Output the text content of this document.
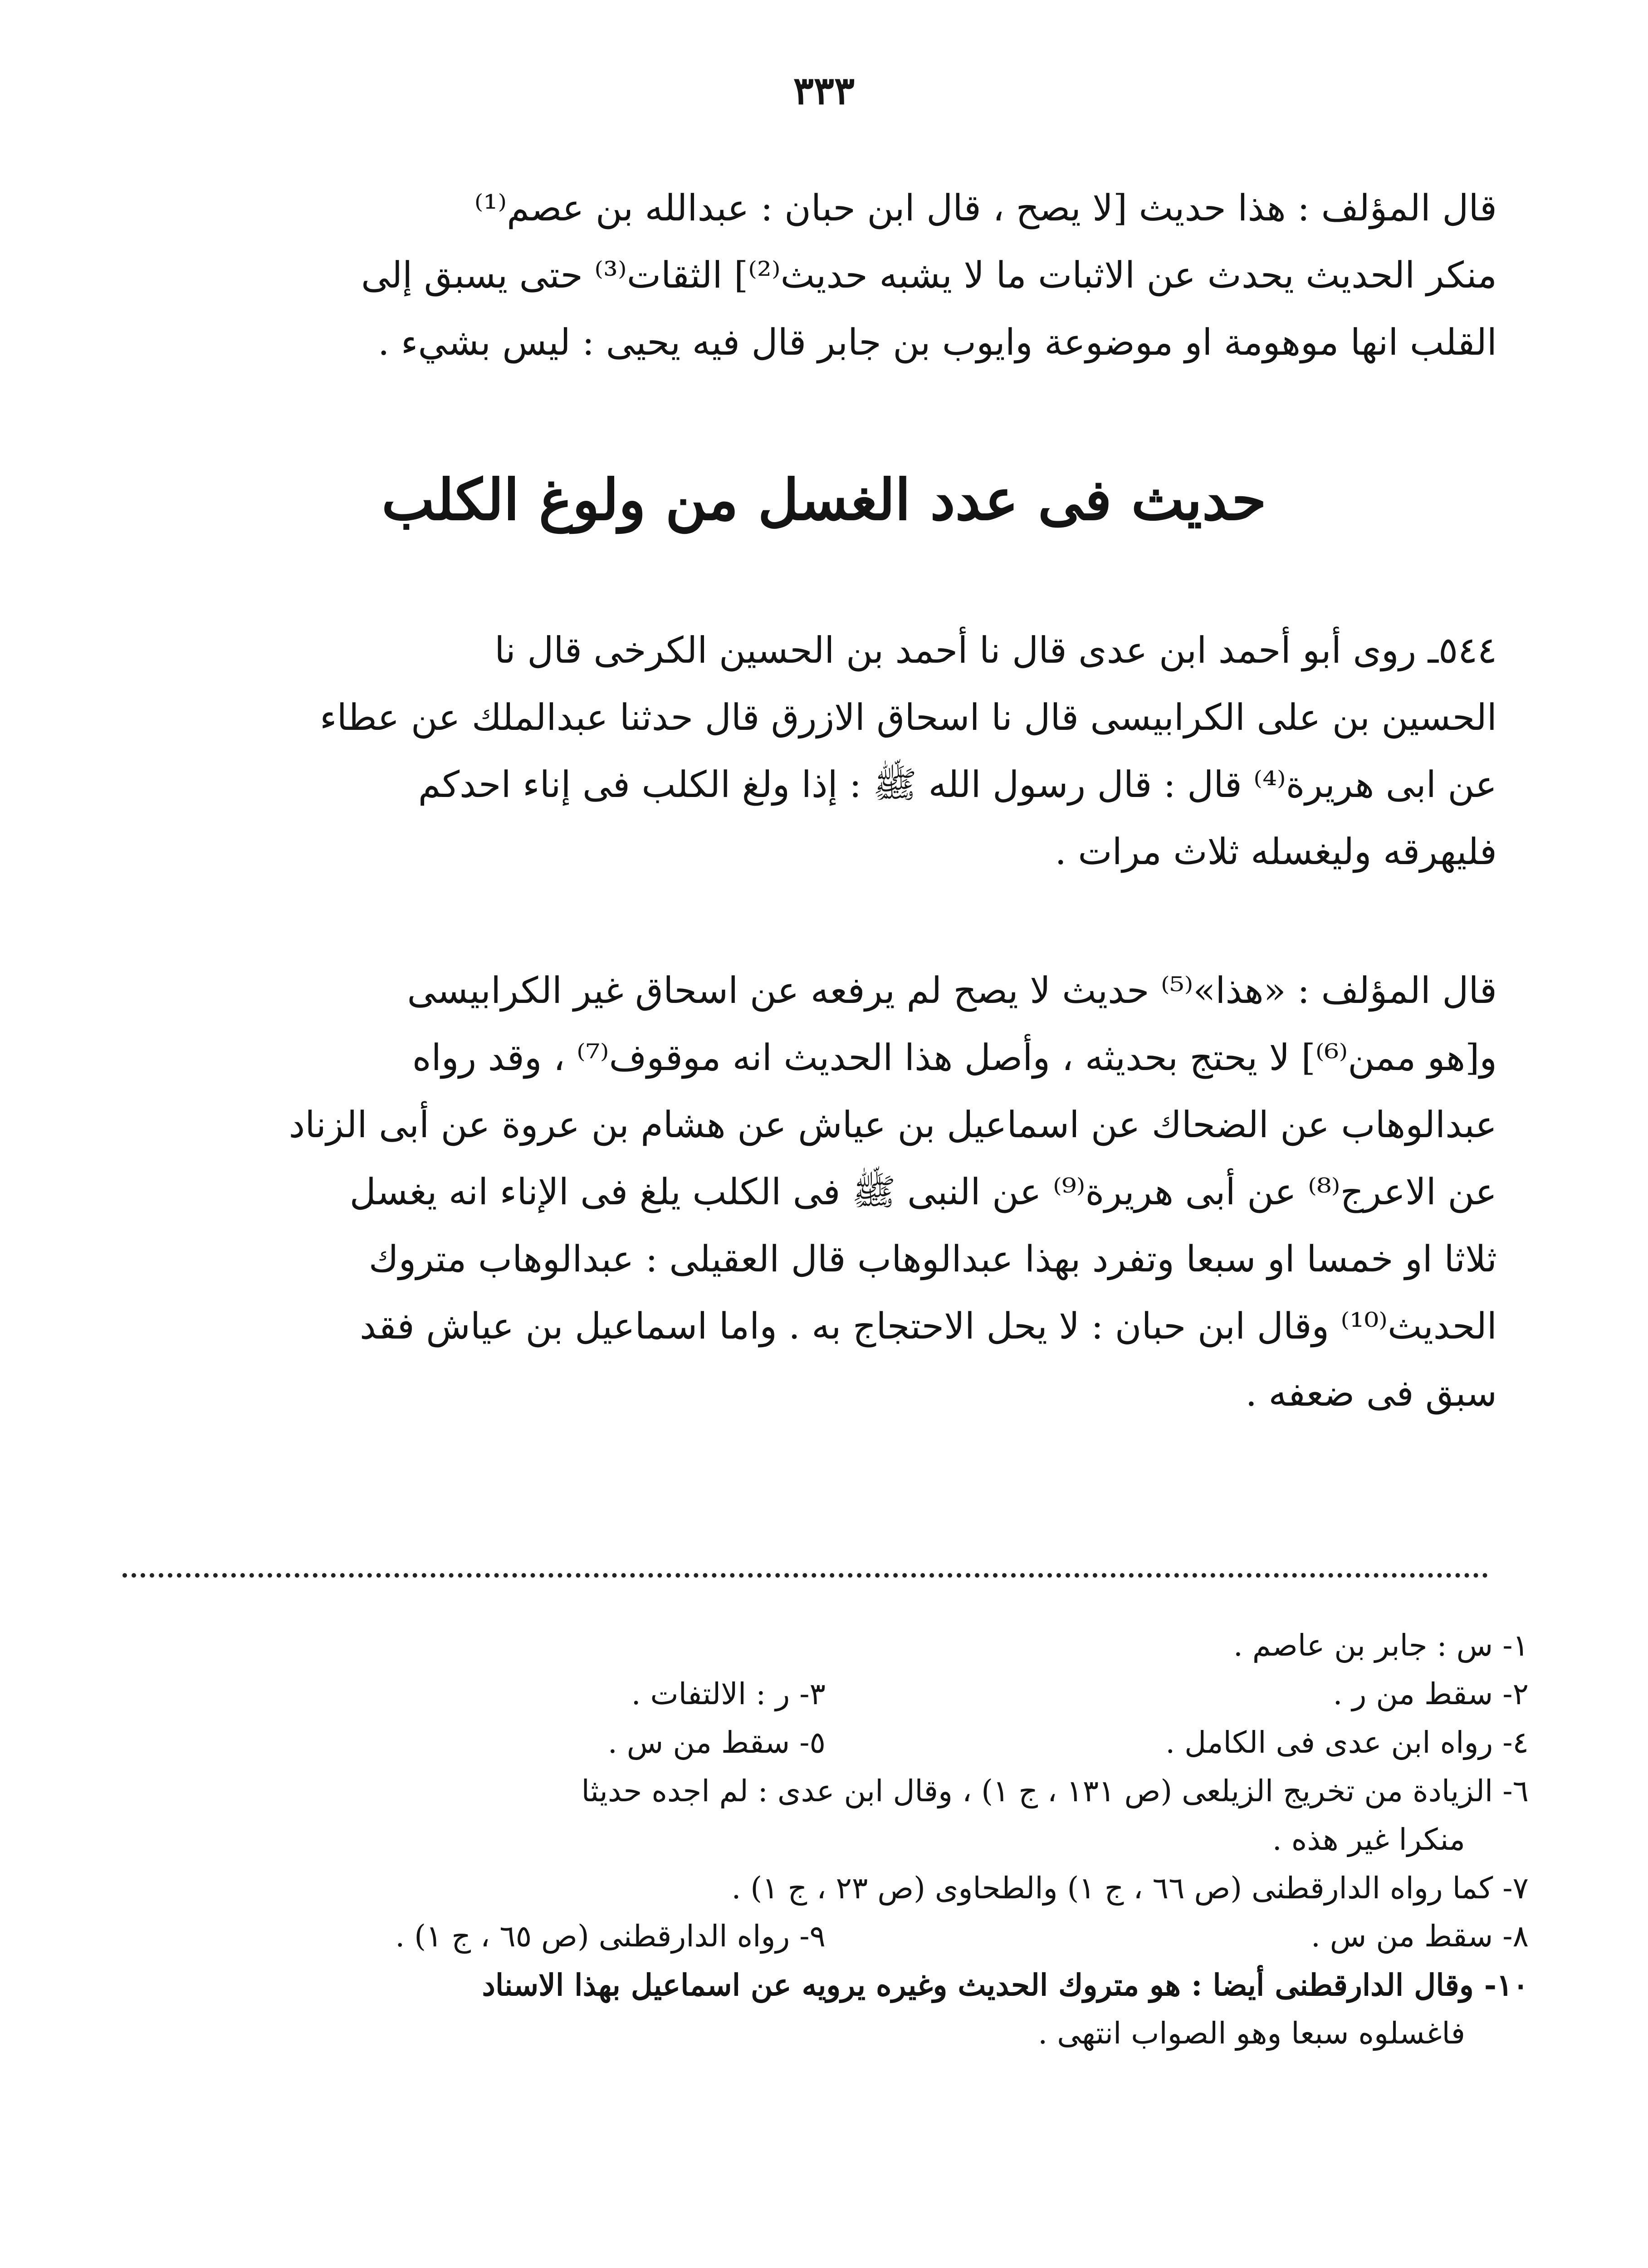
٣٣٣
قال المؤلف : هذا حديث [لا يصح ، قال ابن حبان : عبدالله بن عصم⁽¹⁾
منكر الحديث يحدث عن الاثبات ما لا يشبه حديث⁽²⁾] الثقات⁽³⁾ حتى يسبق إلى
القلب انها موهومة او موضوعة وايوب بن جابر قال فيه يحيى : ليس بشيء .
حديث فى عدد الغسل من ولوغ الكلب
٥٤٤ـ روى أبو أحمد ابن عدى قال نا أحمد بن الحسين الكرخى قال نا
الحسين بن على الكرابيسى قال نا اسحاق الازرق قال حدثنا عبدالملك عن عطاء
عن ابى هريرة⁽⁴⁾ قال : قال رسول الله ﷺ : إذا ولغ الكلب فى إناء احدكم
فليهرقه وليغسله ثلاث مرات .
قال المؤلف : «هذا»⁽⁵⁾ حديث لا يصح لم يرفعه عن اسحاق غير الكرابيسى
و[هو ممن⁽⁶⁾] لا يحتج بحديثه ، وأصل هذا الحديث انه موقوف⁽⁷⁾ ، وقد رواه
عبدالوهاب عن الضحاك عن اسماعيل بن عياش عن هشام بن عروة عن أبى الزناد
عن الاعرج⁽⁸⁾ عن أبى هريرة⁽⁹⁾ عن النبى ﷺ فى الكلب يلغ فى الإناء انه يغسل
ثلاثا او خمسا او سبعا وتفرد بهذا عبدالوهاب قال العقيلى : عبدالوهاب متروك
الحديث⁽¹⁰⁾ وقال ابن حبان : لا يحل الاحتجاج به . واما اسماعيل بن عياش فقد
سبق فى ضعفه .
١- س : جابر بن عاصم .
٢- سقط من ر .
٣- ر : الالتفات .
٤- رواه ابن عدى فى الكامل .
٥- سقط من س .
٦- الزيادة من تخريج الزيلعى (ص ١٣١ ، ج ١) ، وقال ابن عدى : لم اجده حديثا
منكرا غير هذه .
٧- كما رواه الدارقطنى (ص ٦٦ ، ج ١) والطحاوى (ص ٢٣ ، ج ١) .
٨- سقط من س .
٩- رواه الدارقطنى (ص ٦٥ ، ج ١) .
١٠- وقال الدارقطنى أيضا : هو متروك الحديث وغيره يرويه عن اسماعيل بهذا الاسناد
فاغسلوه سبعا وهو الصواب انتهى .
